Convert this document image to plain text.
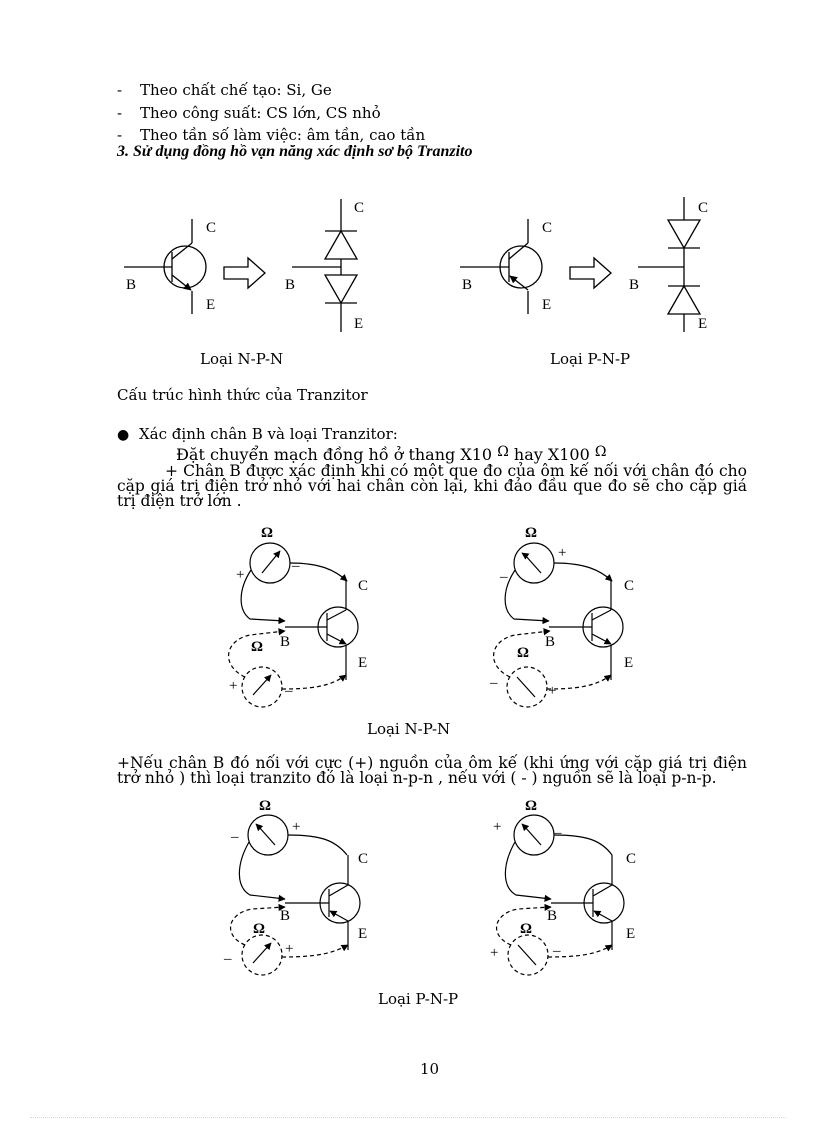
- Theo chất chế tạo: Si, Ge
- Theo công suất: CS lớn, CS nhỏ
- Theo tần số làm việc: âm tần, cao tần
3. Sử dụng đồng hồ vạn năng xác định sơ bộ Tranzito
C
E
B
C
E
B
C
E
B
C
E
B
Loại N-P-N	Loại P-N-P
Cấu trúc hình thức của Tranzitor
● Xác định chân B và loại Tranzitor:
Đặt chuyển mạch đồng hồ ở thang X10 Ω hay X100 Ω
+ Chân B được xác định khi có một que đo của ôm kế nối với chân đó cho cặp giá trị điện trở nhỏ với hai chân còn lại, khi đảo đầu que đo sẽ cho cặp giá trị điện trở lớn .
Ω
+
–
C
B
E
Ω
+	–
Ω
+
–
C
B
E
Ω
–	+
Loại N-P-N
+Nếu chân B đó nối với cực (+) nguồn của ôm kế (khi ứng với cặp giá trị điện trở nhỏ ) thì loại tranzito đó là loại n-p-n , nếu với ( - ) nguồn sẽ là loại p-n-p.
Ω
–
+
C
B
E
Ω
–
+
Ω
+	–
C
B
E
Ω
+	–
Loại P-N-P
10
